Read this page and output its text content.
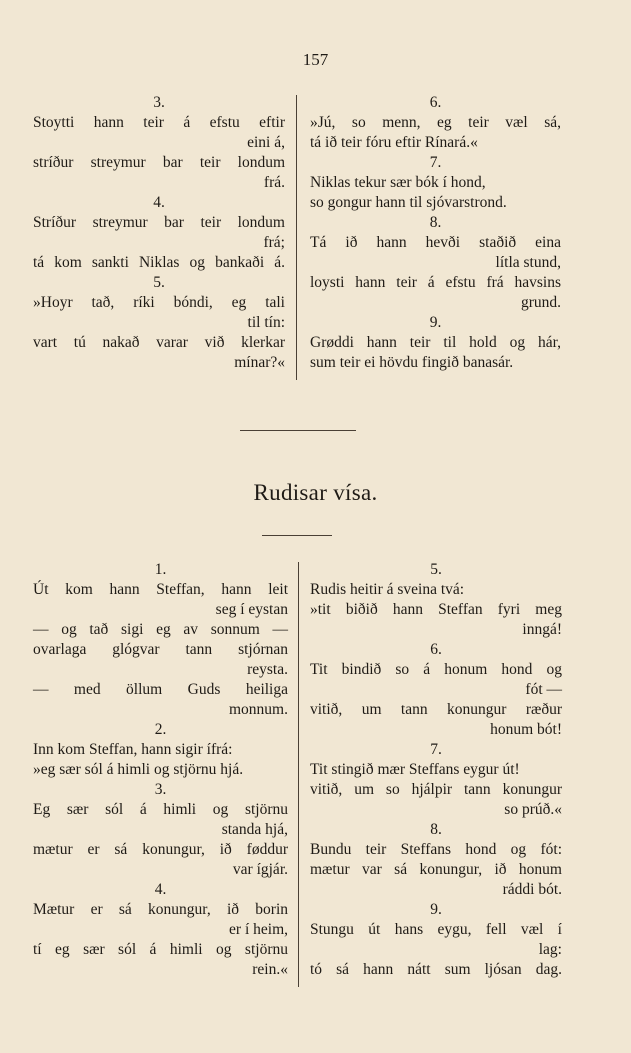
157
3.
Stoytti hann teir á efstu eftir
eini á,
stríður streymur bar teir londum
frá.
4.
Stríður streymur bar teir londum
frá;
tá kom sankti Niklas og bankaði á.
5.
»Hoyr tað, ríki bóndi, eg tali
til tín:
vart tú nakað varar við klerkar
mínar?«
6.
»Jú, so menn, eg teir væl sá,
tá ið teir fóru eftir Rínará.«
7.
Niklas tekur sær bók í hond,
so gongur hann til sjóvarstrond.
8.
Tá ið hann hevði staðið eina
lítla stund,
loysti hann teir á efstu frá havsins
grund.
9.
Grøddi hann teir til hold og hár,
sum teir ei hövdu fingið banasár.
Rudisar vísa.
1.
Út kom hann Steffan, hann leit
seg í eystan
— og tað sigi eg av sonnum —
ovarlaga glógvar tann stjórnan
reysta.
— med öllum Guds heiliga
monnum.
2.
Inn kom Steffan, hann sigir ífrá:
»eg sær sól á himli og stjörnu hjá.
3.
Eg sær sól á himli og stjörnu
standa hjá,
mætur er sá konungur, ið føddur
var ígjár.
4.
Mætur er sá konungur, ið borin
er í heim,
tí eg sær sól á himli og stjörnu
rein.«
5.
Rudis heitir á sveina tvá:
»tit biðið hann Steffan fyri meg
inngá!
6.
Tit bindið so á honum hond og
fót —
vitið, um tann konungur ræður
honum bót!
7.
Tit stingið mær Steffans eygur út!
vitið, um so hjálpir tann konungur
so prúð.«
8.
Bundu teir Steffans hond og fót:
mætur var sá konungur, ið honum
ráddi bót.
9.
Stungu út hans eygu, fell væl í
lag:
tó sá hann nátt sum ljósan dag.
